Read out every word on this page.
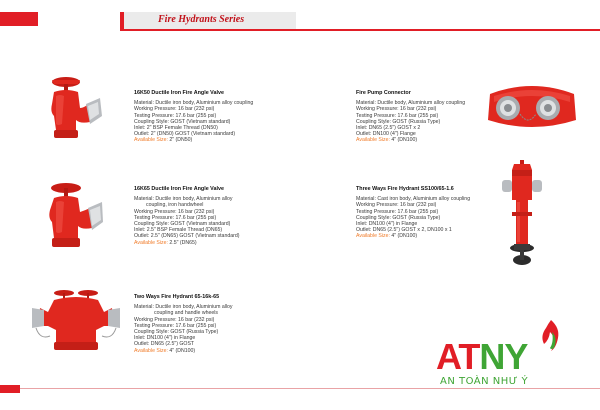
Fire Hydrants Series
16K50 Ductile Iron Fire Angle Valve
Material: Ductile iron body, Aluminium alloy coupling
Working Pressure: 16 bar (232 psi)
Testing Pressure: 17.6 bar (255 psi)
Coupling Style: GOST (Vietnam standard)
Inlet: 2" BSP Female Thread (DN50)
Outlet: 2" (DN50) GOST (Vietnam standard)
Available Size: 2" (DN50)
16K65 Ductile Iron Fire Angle Valve
Material: Ductile iron body, Aluminium alloy
coupling, iron handwheel
Working Pressure: 16 bar (232 psi)
Testing Pressure: 17.6 bar (255 psi)
Coupling Style: GOST (Vietnam standard)
Inlet: 2.5" BSP Female Thread (DN65)
Outlet: 2.5" (DN65) GOST (Vietnam standard)
Available Size: 2.5" (DN65)
Two Ways Fire Hydrant 65-16k-65
Material: Ductile iron body, Aluminium alloy
coupling and handle wheels
Working Pressure: 16 bar (232 psi)
Testing Pressure: 17.6 bar (255 psi)
Coupling Style: GOST (Russia Type)
Inlet: DN100 (4") in Flange
Outlet: DN65 (2.5") GOST
Available Size: 4" (DN100)
Fire Pump Connector
Material: Ductile body, Aluminium alloy coupling
Working Pressure: 16 bar (232 psi)
Testing Pressure: 17.6 bar (255 psi)
Coupling Style: GOST (Russia Type)
Inlet: DN65 (2.5") GOST x 2
Outlet: DN100 (4") Flange
Available Size: 4" (DN100)
Three Ways Fire Hydrant SS100/65-1.6
Material: Cast iron body, Aluminium alloy coupling
Working Pressure: 16 bar (232 psi)
Testing Pressure: 17.6 bar (255 psi)
Coupling Style: GOST (Russia Type)
Inlet: DN100 (4") in Flange
Outlet: DN65 (2.5") GOST x 2, DN100 x 1
Available Size: 4" (DN100)
ATNY
AN TOÀN NHƯ Ý
